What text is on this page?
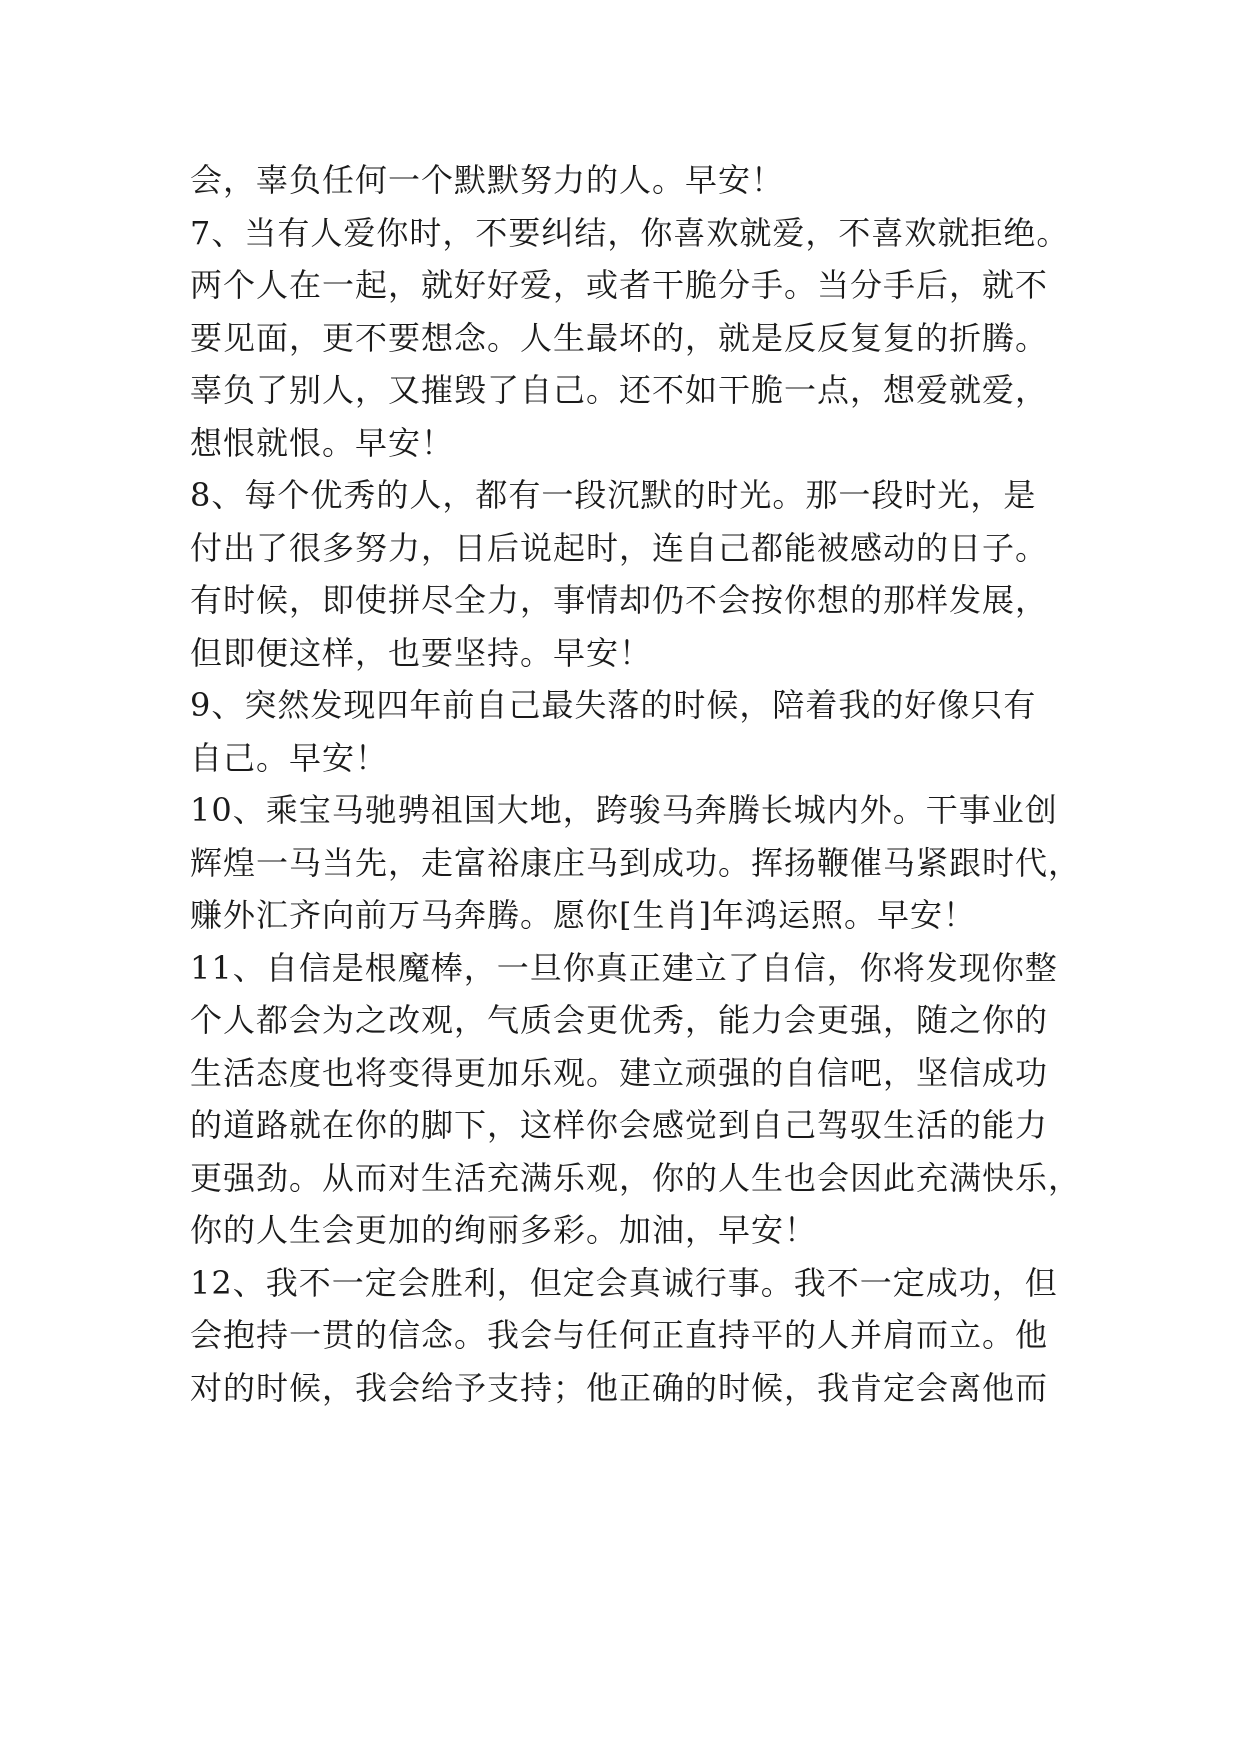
会，辜负任何一个默默努力的人。早安！
7、当有人爱你时，不要纠结，你喜欢就爱，不喜欢就拒绝。
两个人在一起，就好好爱，或者干脆分手。当分手后，就不
要见面，更不要想念。人生最坏的，就是反反复复的折腾。
辜负了别人，又摧毁了自己。还不如干脆一点，想爱就爱，
想恨就恨。早安！
8、每个优秀的人，都有一段沉默的时光。那一段时光，是
付出了很多努力，日后说起时，连自己都能被感动的日子。
有时候，即使拼尽全力，事情却仍不会按你想的那样发展，
但即便这样，也要坚持。早安！
9、突然发现四年前自己最失落的时候，陪着我的好像只有
自己。早安！
10、乘宝马驰骋祖国大地，跨骏马奔腾长城内外。干事业创
辉煌一马当先，走富裕康庄马到成功。挥扬鞭催马紧跟时代，
赚外汇齐向前万马奔腾。愿你[生肖]年鸿运照。早安！
11、自信是根魔棒，一旦你真正建立了自信，你将发现你整
个人都会为之改观，气质会更优秀，能力会更强，随之你的
生活态度也将变得更加乐观。建立顽强的自信吧，坚信成功
的道路就在你的脚下，这样你会感觉到自己驾驭生活的能力
更强劲。从而对生活充满乐观，你的人生也会因此充满快乐，
你的人生会更加的绚丽多彩。加油，早安！
12、我不一定会胜利，但定会真诚行事。我不一定成功，但
会抱持一贯的信念。我会与任何正直持平的人并肩而立。他
对的时候，我会给予支持；他正确的时候，我肯定会离他而
